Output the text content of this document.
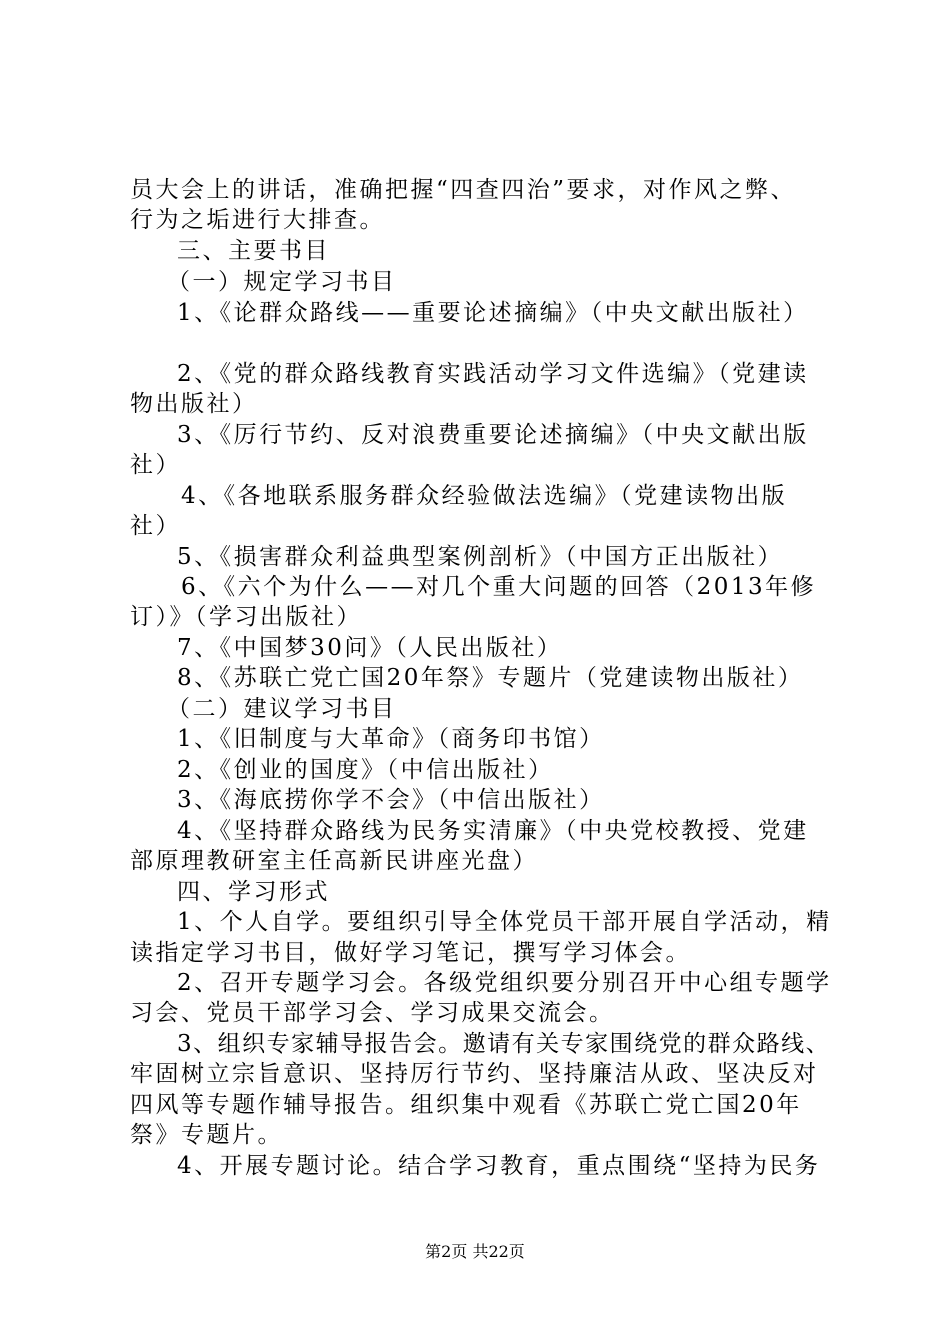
员大会上的讲话，准确把握“四查四治”要求，对作风之弊、
行为之垢进行大排查。
三、主要书目
（一）规定学习书目
1、《论群众路线——重要论述摘编》（中央文献出版社）
2、《党的群众路线教育实践活动学习文件选编》（党建读
物出版社）
3、《厉行节约、反对浪费重要论述摘编》（中央文献出版
社）
4、《各地联系服务群众经验做法选编》（党建读物出版
社）
5、《损害群众利益典型案例剖析》（中国方正出版社）
6、《六个为什么——对几个重大问题的回答（2013年修
订）》（学习出版社）
7、《中国梦30问》（人民出版社）
8、《苏联亡党亡国20年祭》专题片（党建读物出版社）
（二）建议学习书目
1、《旧制度与大革命》（商务印书馆）
2、《创业的国度》（中信出版社）
3、《海底捞你学不会》（中信出版社）
4、《坚持群众路线为民务实清廉》（中央党校教授、党建
部原理教研室主任高新民讲座光盘）
四、学习形式
1、个人自学。要组织引导全体党员干部开展自学活动，精
读指定学习书目，做好学习笔记，撰写学习体会。
2、召开专题学习会。各级党组织要分别召开中心组专题学
习会、党员干部学习会、学习成果交流会。
3、组织专家辅导报告会。邀请有关专家围绕党的群众路线、
牢固树立宗旨意识、坚持厉行节约、坚持廉洁从政、坚决反对
四风等专题作辅导报告。组织集中观看《苏联亡党亡国20年
祭》专题片。
4、开展专题讨论。结合学习教育，重点围绕“坚持为民务
第2页 共22页
